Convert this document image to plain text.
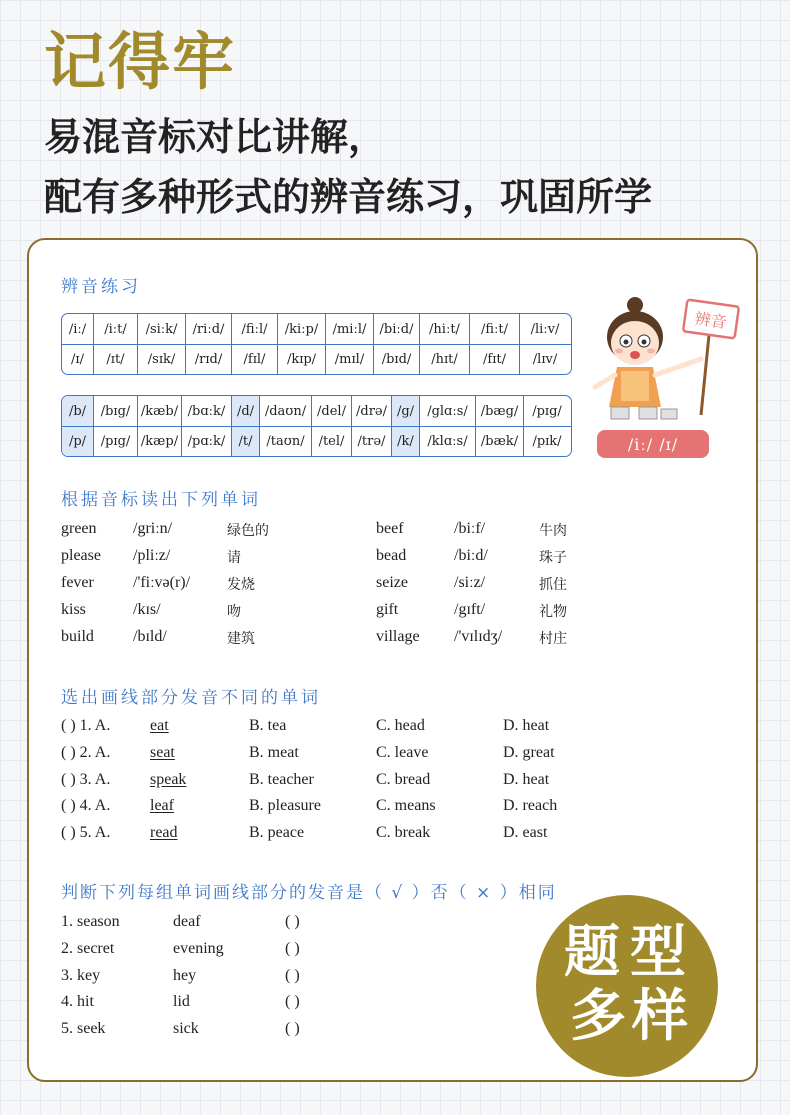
记得牢
易混音标对比讲解，
配有多种形式的辨音练习，巩固所学
辨音练习
/iː/	/iːt/	/siːk/	/riːd/	/fiːl/	/kiːp/	/miːl/	/biːd/	/hiːt/	/fiːt/	/liːv/
/ɪ/	/ɪt/	/sɪk/	/rɪd/	/fɪl/	/kɪp/	/mɪl/	/bɪd/	/hɪt/	/fɪt/	/lɪv/
/b/	/bɪg/ /kæb/ /bɑːk/ /d/ /daʊn/ /del/ /drə/ /g/	/glɑːs/ /bæg/	/pɪg/
/p/	/pɪg/ /kæp/ /pɑːk/	/t/	/taʊn/	/tel/	/trə/ /k/	/klɑːs/	/bæk/	/pɪk/
辨音
/iː/ /ɪ/
根据音标读出下列单词
green /griːn/	绿色的	beef	/biːf/	牛肉
please /pliːz/	请	bead	/biːd/	珠子
fever /'fiːvə(r)/	发烧	seize	/siːz/	抓住
kiss	/kɪs/	吻	gift	/gɪft/	礼物
build /bɪld/	建筑	village /'vɪlɪdʒ/	村庄
选出画线部分发音不同的单词
( ) 1. A. eat	B. tea	C. head	D. heat
( ) 2. A. seat	B. meat	C. leave	D. great
( ) 3. A. speak	B. teacher	C. bread	D. heat
( ) 4. A. leaf	B. pleasure	C. means	D. reach
( ) 5. A. read	B. peace	C. break	D. east
判断下列每组单词画线部分的发音是（ √ ）否（ × ）相同
1. season	deaf	( )
2. secret	evening	( )
3. key	hey	( )
4. hit	lid	( )
5. seek	sick	( )
题 型
多 样
